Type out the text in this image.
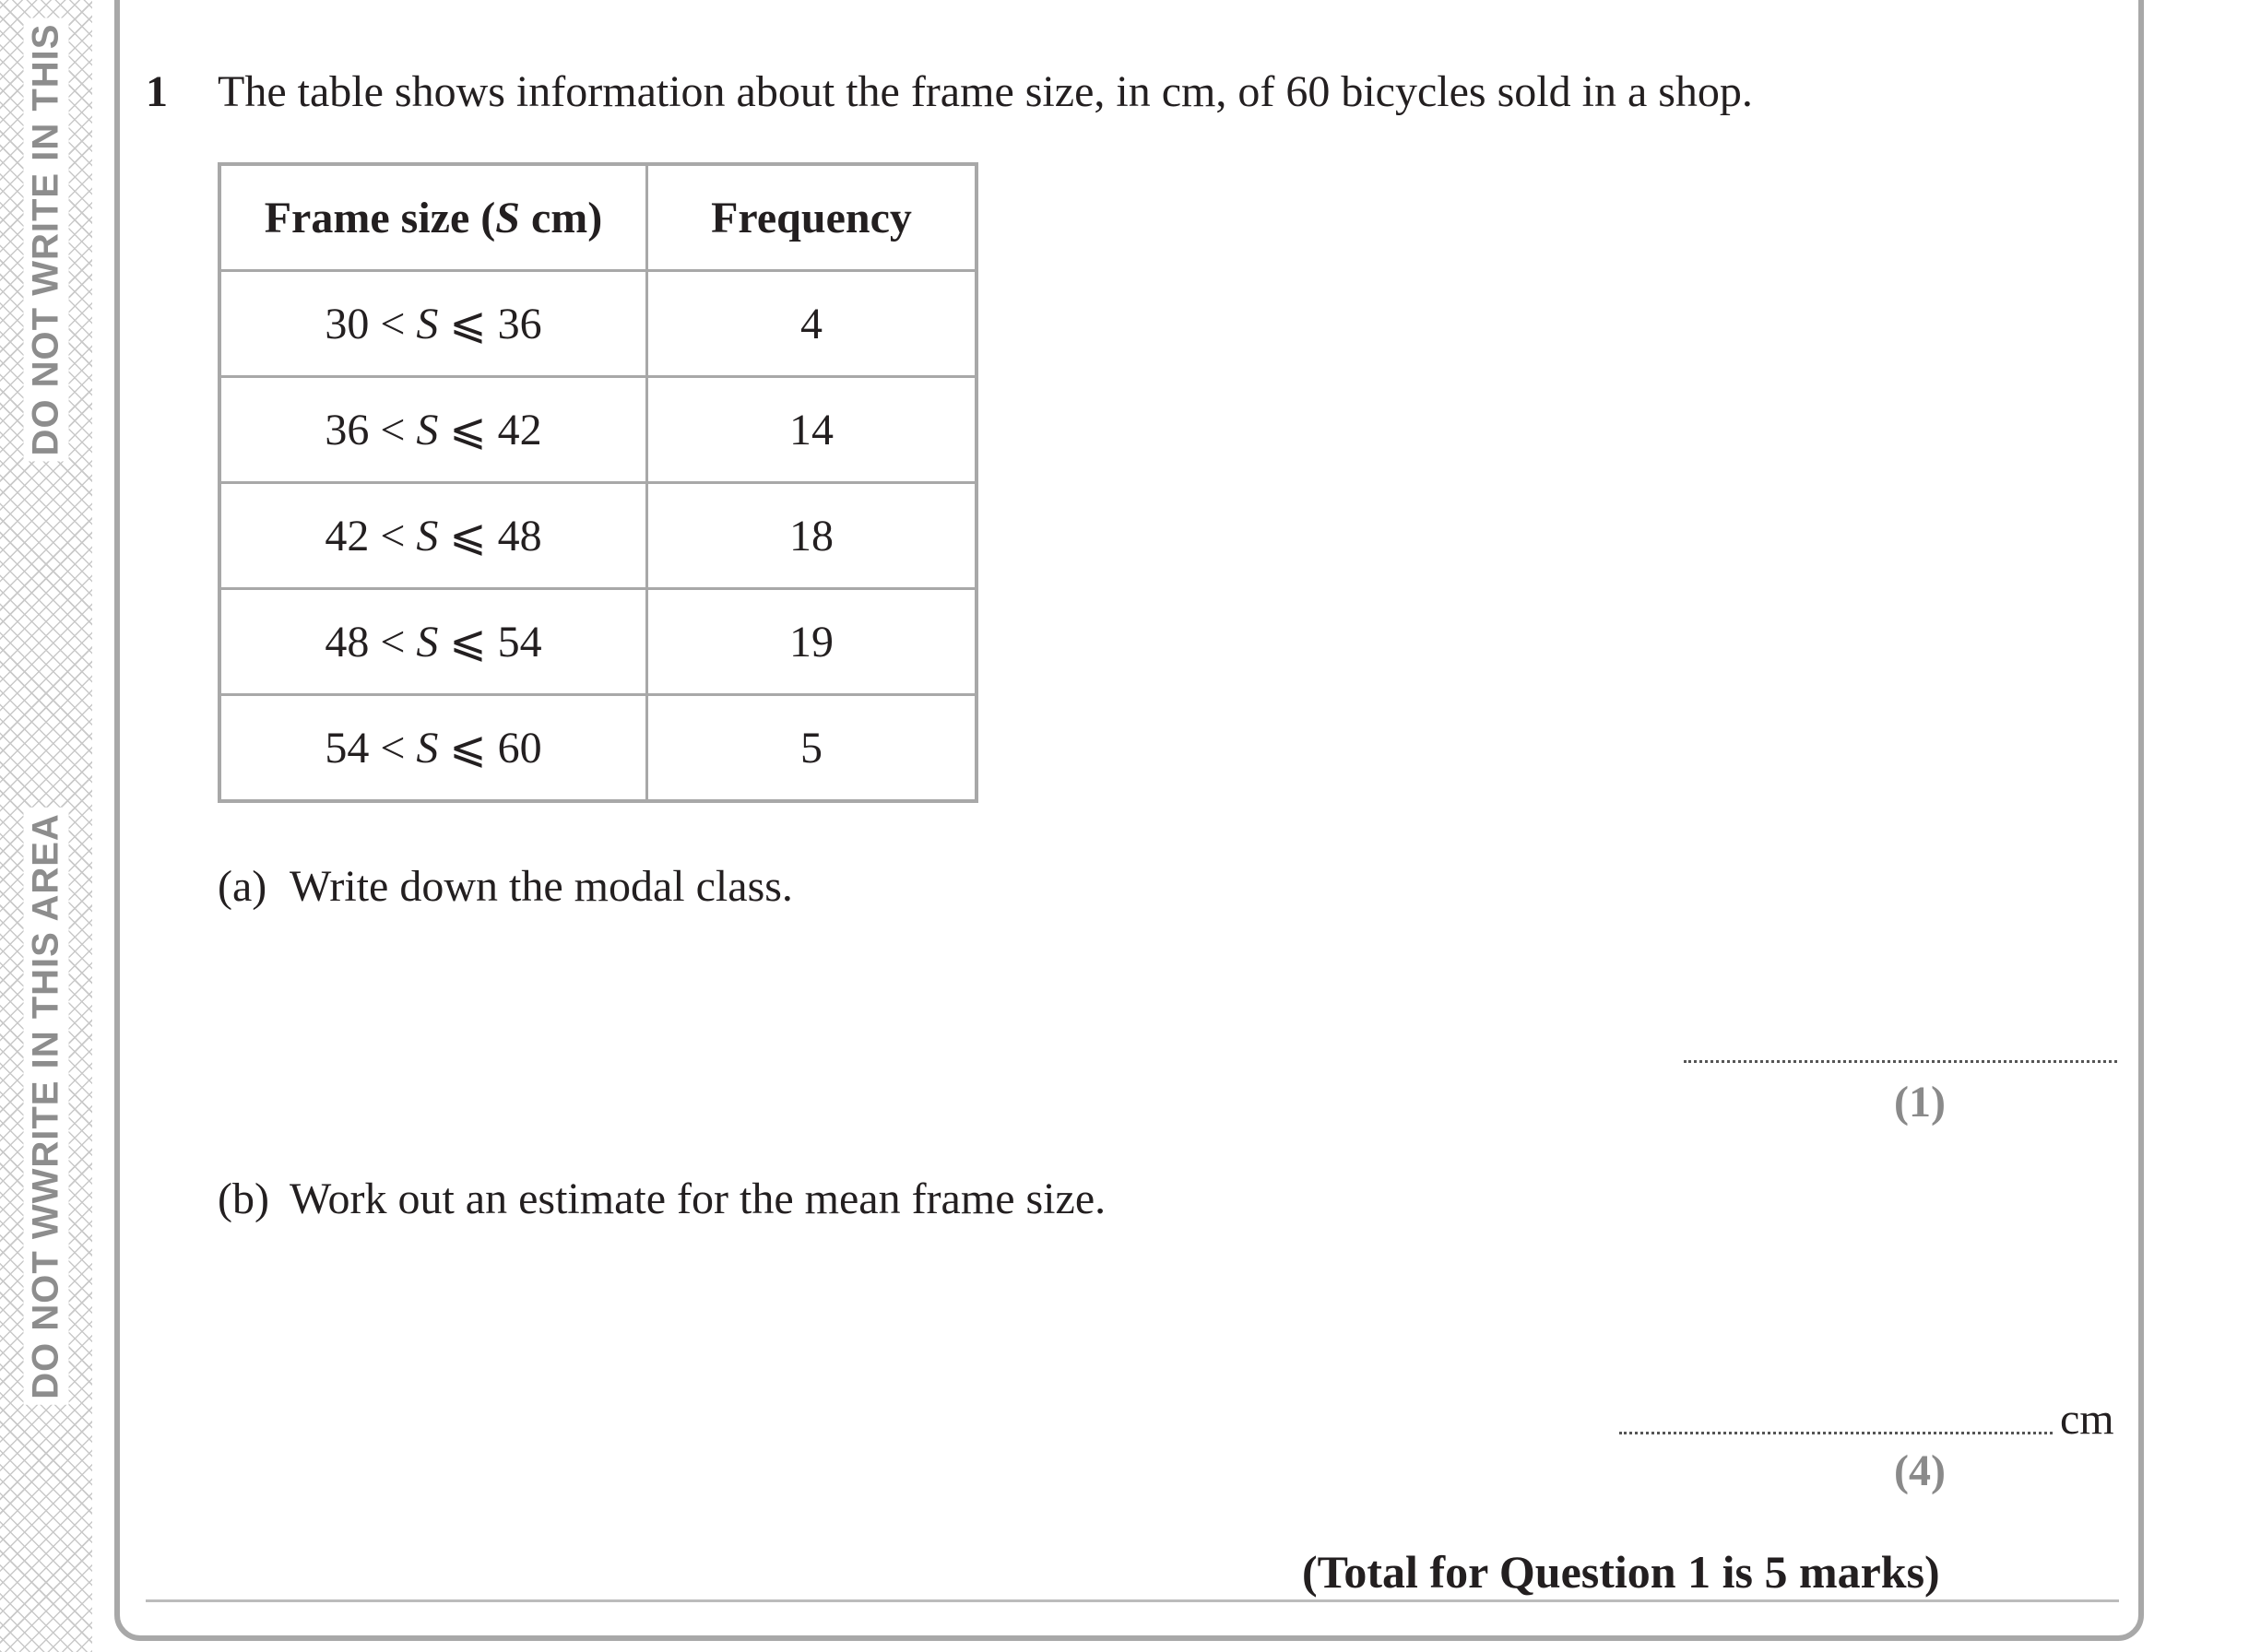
DO NOT WRITE IN THIS
DO NOT WWRITE IN THIS AREA
1 The table shows information about the frame size, in cm, of 60 bicycles sold in a shop.
Frame size (S cm)	Frequency
30 < S ⩽ 36	4
36 < S ⩽ 42	14
42 < S ⩽ 48	18
48 < S ⩽ 54	19
54 < S ⩽ 60	5
(a) Write down the modal class.
(1)
(b) Work out an estimate for the mean frame size.
cm
(4)
(Total for Question 1 is 5 marks)
